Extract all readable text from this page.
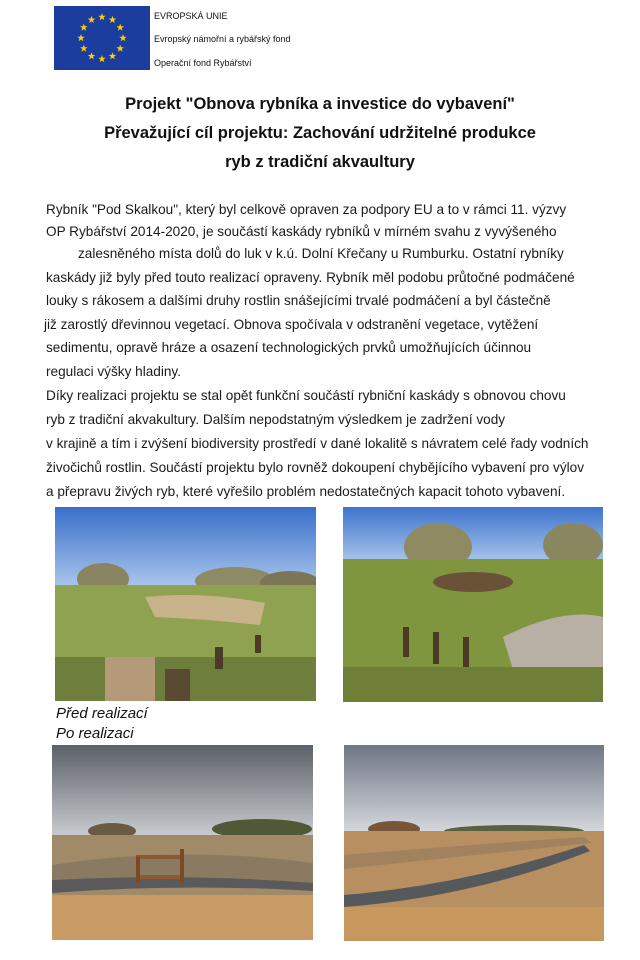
EVROPSKÁ UNIE
Evropský námořní a rybářský fond
Operační fond Rybářství
Projekt "Obnova rybníka a investice do vybavení"
Převažující cíl projektu: Zachování udržitelné produkce
ryb z tradiční akvaultury
Rybník "Pod Skalkou", který byl celkově opraven za podpory EU a to v rámci 11. výzvy
OP Rybářství 2014-2020, je součástí kaskády rybníků v mírném svahu z vyvýšeného
zalesněného místa dolů do luk v k.ú. Dolní Křečany u Rumburku. Ostatní rybníky
kaskády již byly před touto realizací opraveny. Rybník měl podobu průtočné podmáčené
louky s rákosem a dalšími druhy rostlin snášejícími trvalé podmáčení a byl částečně
již zarostlý dřevinnou vegetací. Obnova spočívala v odstranění vegetace, vytěžení
sedimentu, opravě hráze a osazení technologických prvků umožňujících účinnou
regulaci výšky hladiny.
Díky realizaci projektu se stal opět funkční součástí rybniční kaskády s obnovou chovu
ryb z tradiční akvakultury. Dalším nepodstatným výsledkem je zadržení vody
v krajině a tím i zvýšení biodiversity prostředí v dané lokalitě s návratem celé řady vodních
živočichů rostlin. Součástí projektu bylo rovněž dokoupení chybějícího vybavení pro výlov
a přepravu živých ryb, které vyřešilo problém nedostatečných kapacit tohoto vybavení.
Před realizací
Po realizaci
